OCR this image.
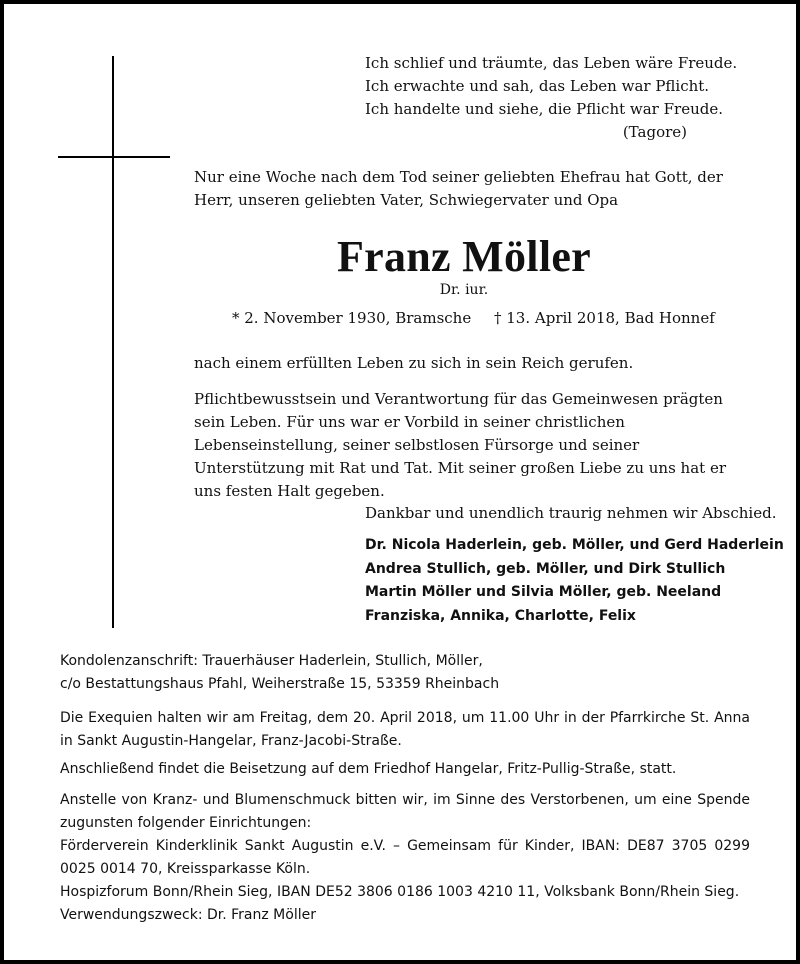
Ich schlief und träumte, das Leben wäre Freude.
Ich erwachte und sah, das Leben war Pflicht.
Ich handelte und siehe, die Pflicht war Freude.
(Tagore)
Nur eine Woche nach dem Tod seiner geliebten Ehefrau hat Gott, der Herr, unseren geliebten Vater, Schwiegervater und Opa
Franz Möller
Dr. iur.
* 2. November 1930, Bramsche † 13. April 2018, Bad Honnef
nach einem erfüllten Leben zu sich in sein Reich gerufen.
Pflichtbewusstsein und Verantwortung für das Gemeinwesen prägten sein Leben. Für uns war er Vorbild in seiner christlichen Lebenseinstellung, seiner selbstlosen Fürsorge und seiner Unterstützung mit Rat und Tat. Mit seiner großen Liebe zu uns hat er uns festen Halt gegeben.
Dankbar und unendlich traurig nehmen wir Abschied.
Dr. Nicola Haderlein, geb. Möller, und Gerd Haderlein
Andrea Stullich, geb. Möller, und Dirk Stullich
Martin Möller und Silvia Möller, geb. Neeland
Franziska, Annika, Charlotte, Felix
Kondolenzanschrift: Trauerhäuser Haderlein, Stullich, Möller,
c/o Bestattungshaus Pfahl, Weiherstraße 15, 53359 Rheinbach
Die Exequien halten wir am Freitag, dem 20. April 2018, um 11.00 Uhr in der Pfarrkirche St. Anna in Sankt Augustin-Hangelar, Franz-Jacobi-Straße.
Anschließend findet die Beisetzung auf dem Friedhof Hangelar, Fritz-Pullig-Straße, statt.
Anstelle von Kranz- und Blumenschmuck bitten wir, im Sinne des Verstorbenen, um eine Spende zugunsten folgender Einrichtungen:
Förderverein Kinderklinik Sankt Augustin e.V. – Gemeinsam für Kinder, IBAN: DE87 3705 0299 0025 0014 70, Kreissparkasse Köln.
Hospizforum Bonn/Rhein Sieg, IBAN DE52 3806 0186 1003 4210 11, Volksbank Bonn/Rhein Sieg.
Verwendungszweck: Dr. Franz Möller
